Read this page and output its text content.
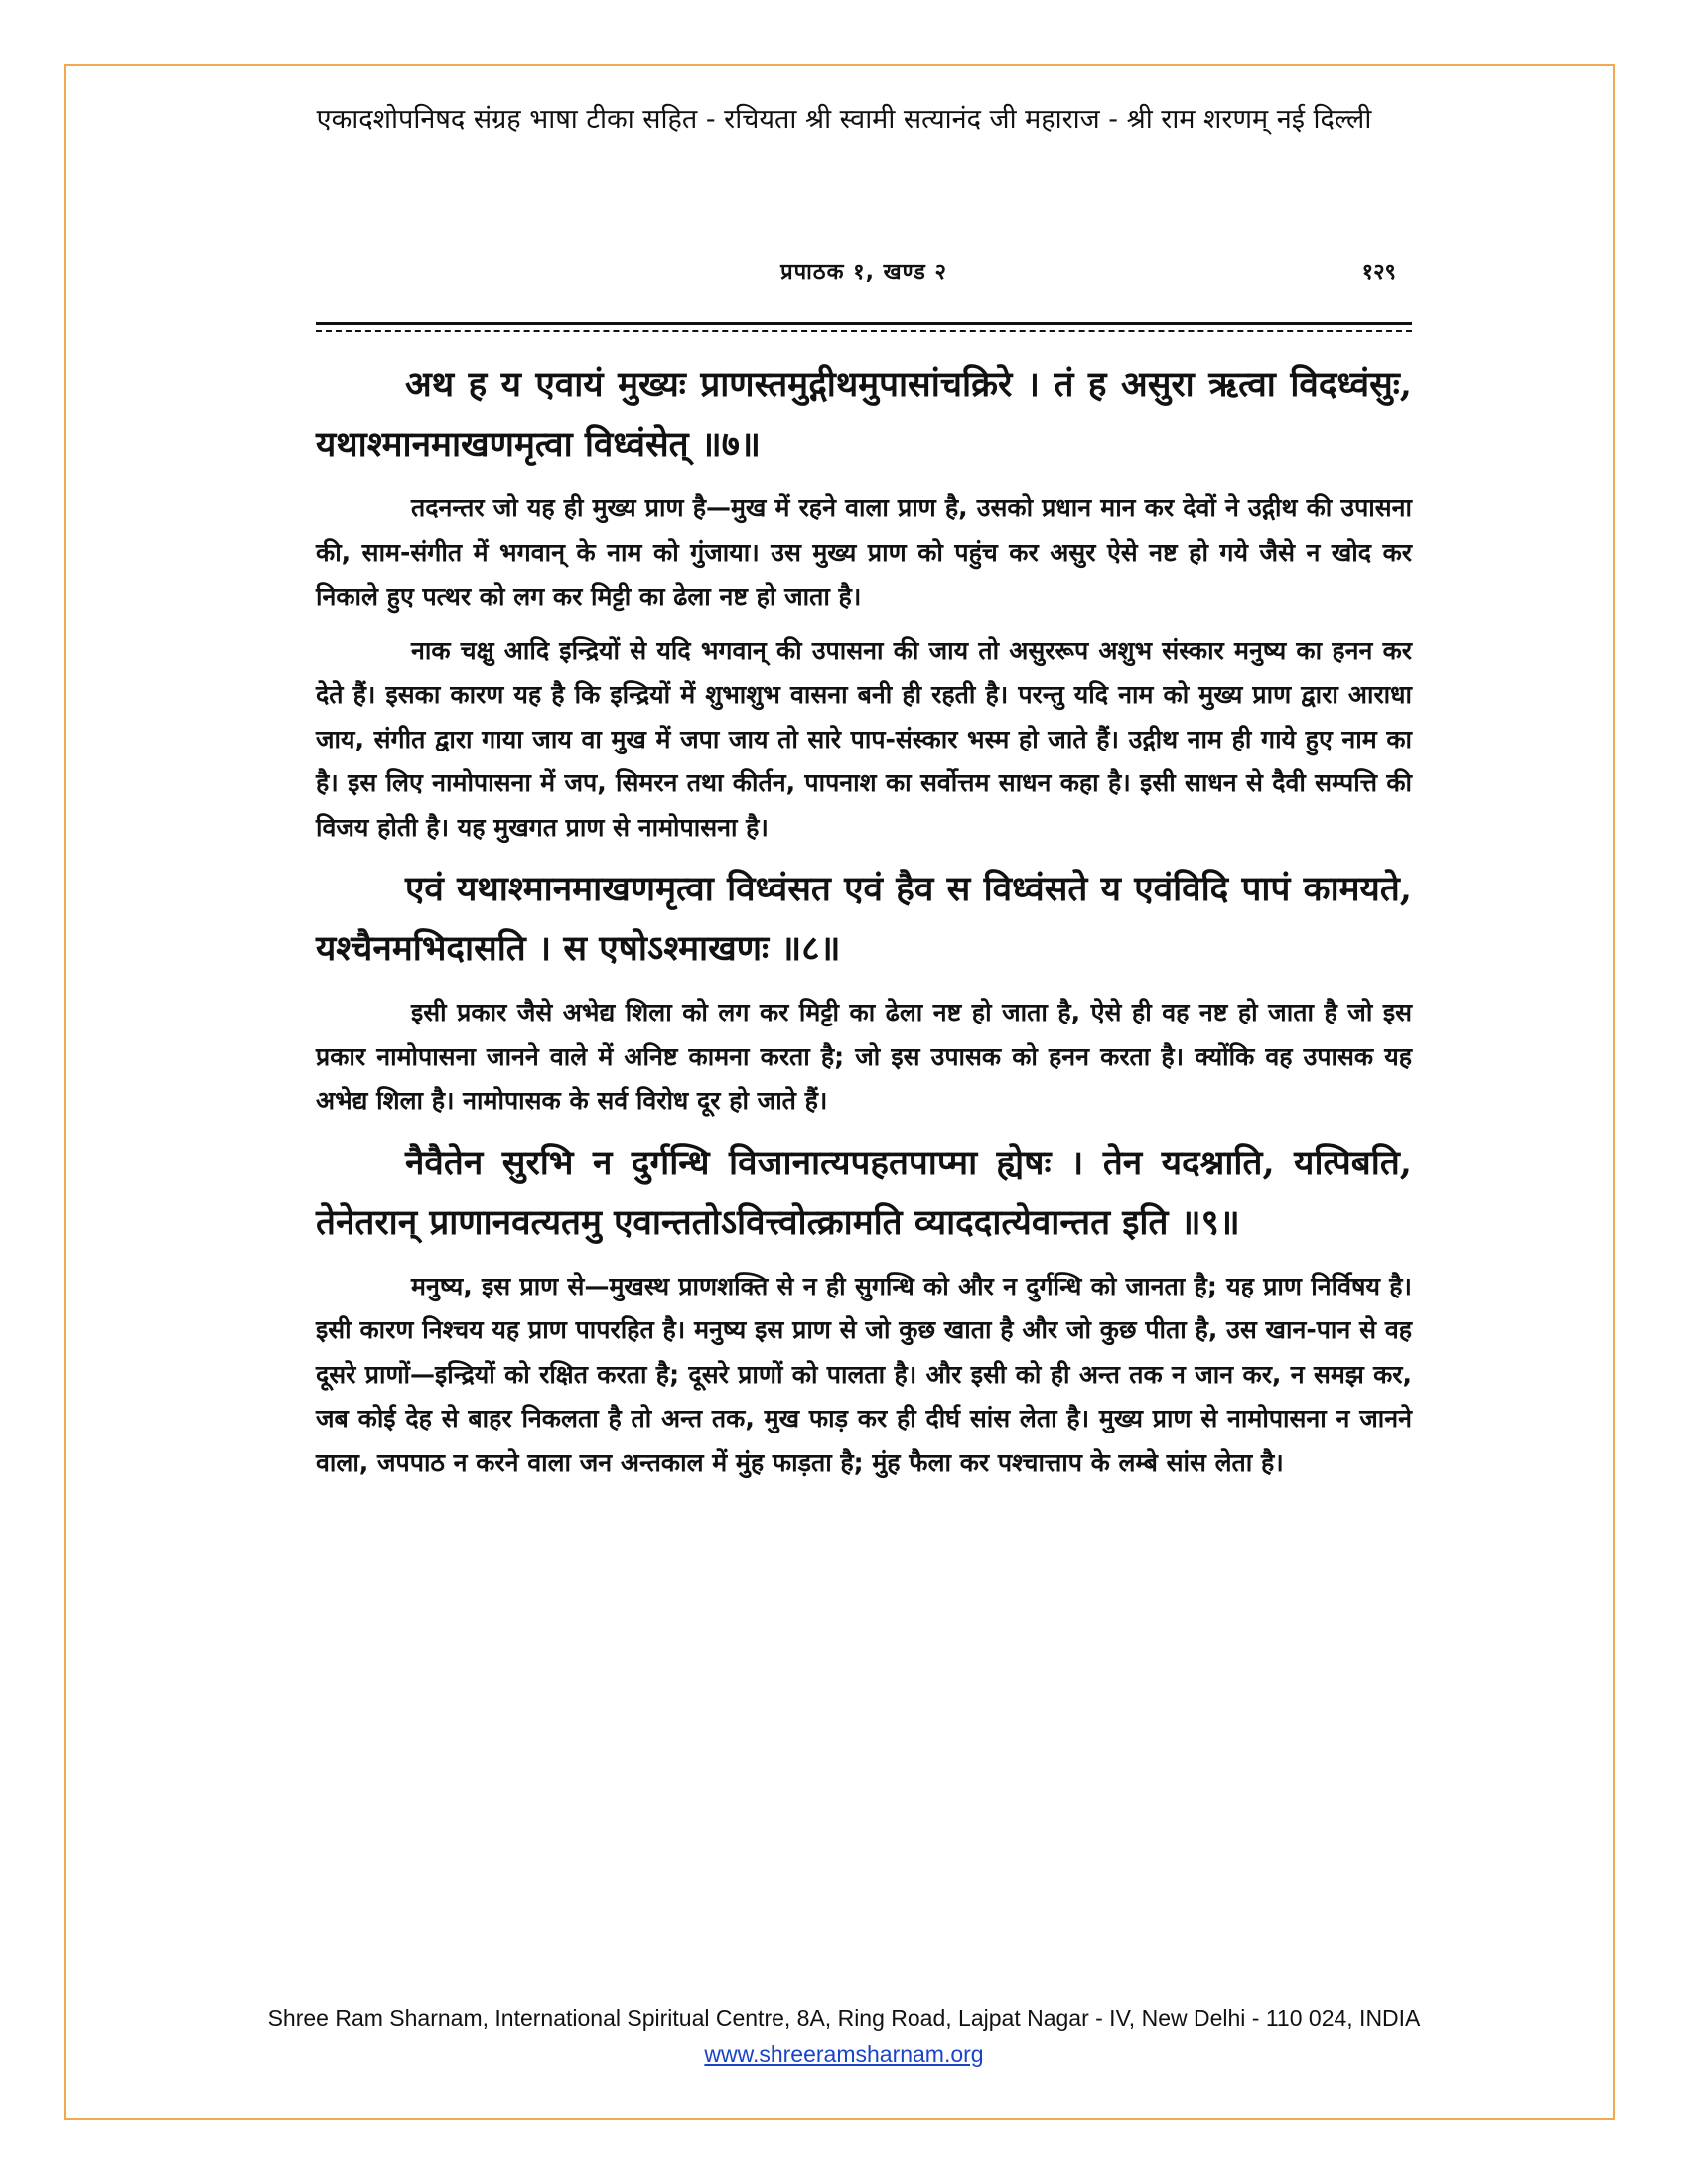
एकादशोपनिषद संग्रह भाषा टीका सहित - रचियता श्री स्वामी सत्यानंद जी महाराज - श्री राम शरणम् नई दिल्ली
प्रपाठक १, खण्ड २	१२९

अथ ह य एवायं मुख्यः प्राणस्तमुद्गीथमुपासांचक्रिरे । तं ह असुरा ऋत्वा विदध्वंसुः, यथाश्मानमाखणमृत्वा विध्वंसेत् ॥७॥

तदनन्तर जो यह ही मुख्य प्राण है—मुख में रहने वाला प्राण है, उसको प्रधान मान कर देवों ने उद्गीथ की उपासना की, साम-संगीत में भगवान् के नाम को गुंजाया। उस मुख्य प्राण को पहुंच कर असुर ऐसे नष्ट हो गये जैसे न खोद कर निकाले हुए पत्थर को लग कर मिट्टी का ढेला नष्ट हो जाता है।

नाक चक्षु आदि इन्द्रियों से यदि भगवान् की उपासना की जाय तो असुररूप अशुभ संस्कार मनुष्य का हनन कर देते हैं। इसका कारण यह है कि इन्द्रियों में शुभाशुभ वासना बनी ही रहती है। परन्तु यदि नाम को मुख्य प्राण द्वारा आराधा जाय, संगीत द्वारा गाया जाय वा मुख में जपा जाय तो सारे पाप-संस्कार भस्म हो जाते हैं। उद्गीथ नाम ही गाये हुए नाम का है। इस लिए नामोपासना में जप, सिमरन तथा कीर्तन, पापनाश का सर्वोत्तम साधन कहा है। इसी साधन से दैवी सम्पत्ति की विजय होती है। यह मुखगत प्राण से नामोपासना है।

एवं यथाश्मानमाखणमृत्वा विध्वंसत एवं हैव स विध्वंसते य एवंविदि पापं कामयते, यश्चैनमभिदासति । स एषोऽश्माखणः ॥८॥

इसी प्रकार जैसे अभेद्य शिला को लग कर मिट्टी का ढेला नष्ट हो जाता है, ऐसे ही वह नष्ट हो जाता है जो इस प्रकार नामोपासना जानने वाले में अनिष्ट कामना करता है; जो इस उपासक को हनन करता है। क्योंकि वह उपासक यह अभेद्य शिला है। नामोपासक के सर्व विरोध दूर हो जाते हैं।

नैवैतेन सुरभि न दुर्गन्धि विजानात्यपहतपाप्मा ह्येषः । तेन यदश्नाति, यत्पिबति, तेनेतरान् प्राणानवत्यतमु एवान्ततोऽवित्त्वोत्क्रामति व्याददात्येवान्तत इति ॥९॥

मनुष्य, इस प्राण से—मुखस्थ प्राणशक्ति से न ही सुगन्धि को और न दुर्गन्धि को जानता है; यह प्राण निर्विषय है। इसी कारण निश्चय यह प्राण पापरहित है। मनुष्य इस प्राण से जो कुछ खाता है और जो कुछ पीता है, उस खान-पान से वह दूसरे प्राणों—इन्द्रियों को रक्षित करता है; दूसरे प्राणों को पालता है। और इसी को ही अन्त तक न जान कर, न समझ कर, जब कोई देह से बाहर निकलता है तो अन्त तक, मुख फाड़ कर ही दीर्घ सांस लेता है। मुख्य प्राण से नामोपासना न जानने वाला, जपपाठ न करने वाला जन अन्तकाल में मुंह फाड़ता है; मुंह फैला कर पश्चात्ताप के लम्बे सांस लेता है।

Shree Ram Sharnam, International Spiritual Centre, 8A, Ring Road, Lajpat Nagar - IV, New Delhi - 110 024, INDIA
www.shreeramsharnam.org
